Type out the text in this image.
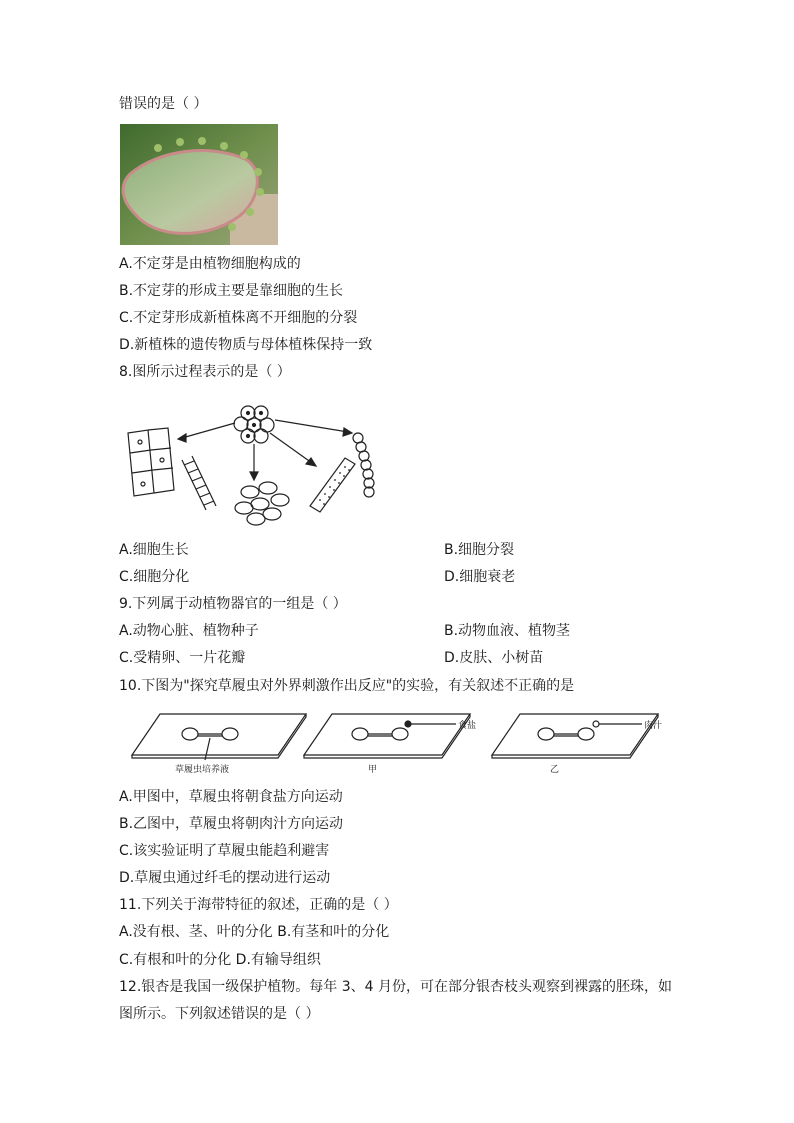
错误的是（ ）
A.不定芽是由植物细胞构成的
B.不定芽的形成主要是靠细胞的生长
C.不定芽形成新植株离不开细胞的分裂
D.新植株的遗传物质与母体植株保持一致
8.图所示过程表示的是（ ）
A.细胞生长	B.细胞分裂
C.细胞分化	D.细胞衰老
9.下列属于动植物器官的一组是（ ）
A.动物心脏、植物种子	B.动物血液、植物茎
C.受精卵、一片花瓣	D.皮肤、小树苗
10.下图为"探究草履虫对外界刺激作出反应"的实验，有关叙述不正确的是
草履虫培养液	甲	乙
食盐	肉汁
A.甲图中，草履虫将朝食盐方向运动
B.乙图中，草履虫将朝肉汁方向运动
C.该实验证明了草履虫能趋利避害
D.草履虫通过纤毛的摆动进行运动
11.下列关于海带特征的叙述，正确的是（ ）
A.没有根、茎、叶的分化 B.有茎和叶的分化
C.有根和叶的分化 D.有输导组织
12.银杏是我国一级保护植物。每年 3、4 月份，可在部分银杏枝头观察到裸露的胚珠，如
图所示。下列叙述错误的是（ ）
